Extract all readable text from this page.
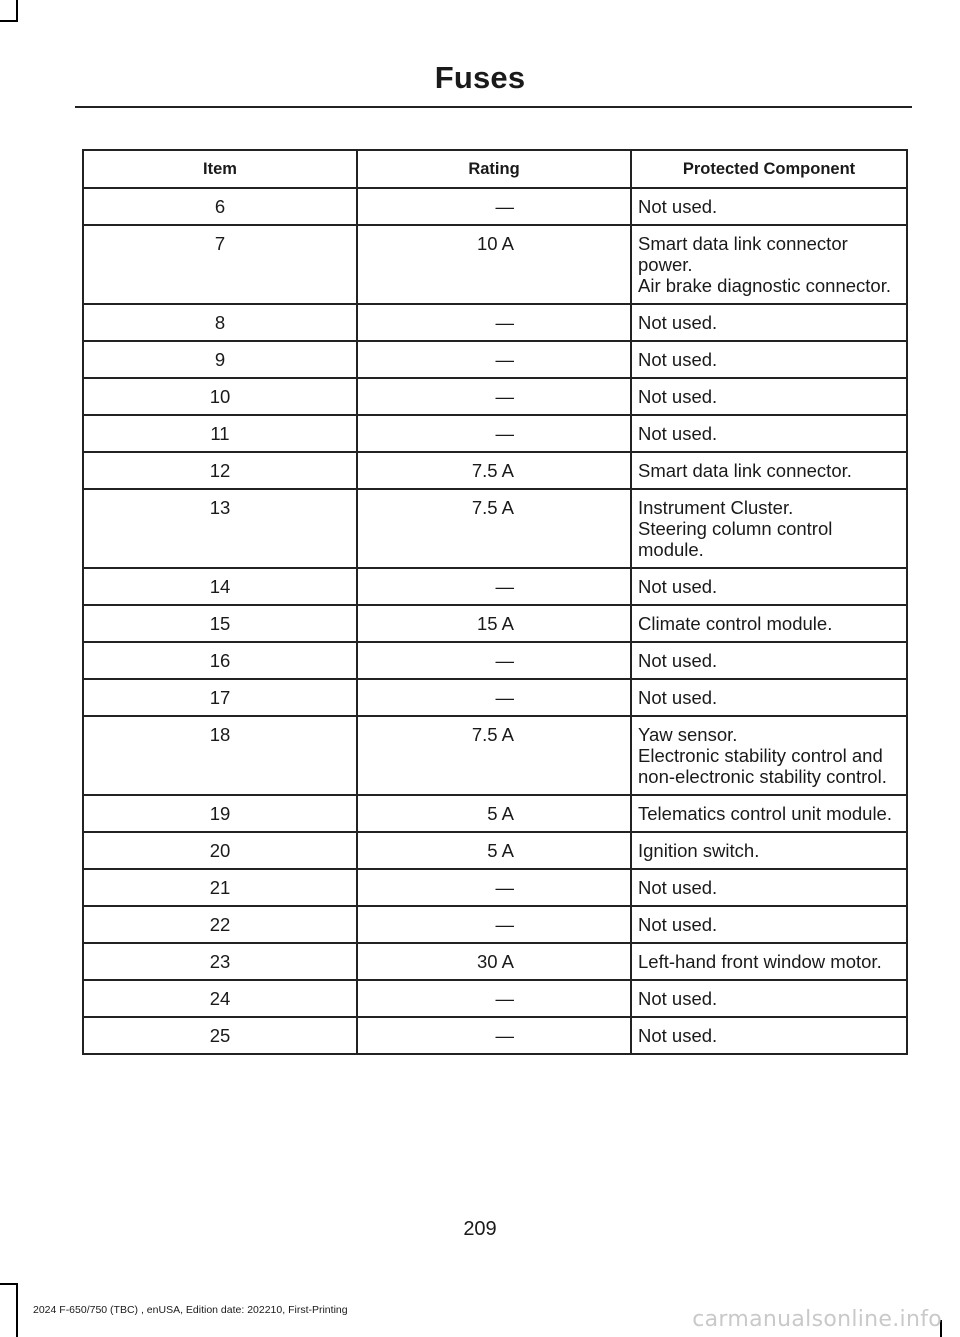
Fuses
Item	Rating	Protected Component
6	—	Not used.

7	10 A	Smart data link connector power.
Air brake diagnostic connector.

8	—	Not used.

9	—	Not used.

10	—	Not used.

11	—	Not used.

12	7.5 A	Smart data link connector.

13	7.5 A	Instrument Cluster.
Steering column control module.

14	—	Not used.

15	15 A	Climate control module.

16	—	Not used.

17	—	Not used.

18	7.5 A	Yaw sensor.
Electronic stability control and non-electronic stability control.

19	5 A	Telematics control unit module.

20	5 A	Ignition switch.

21	—	Not used.

22	—	Not used.

23	30 A	Left-hand front window motor.

24	—	Not used.

25	—	Not used.
209
2024 F-650/750 (TBC) , enUSA, Edition date: 202210, First-Printing	carmanualsonline.info
